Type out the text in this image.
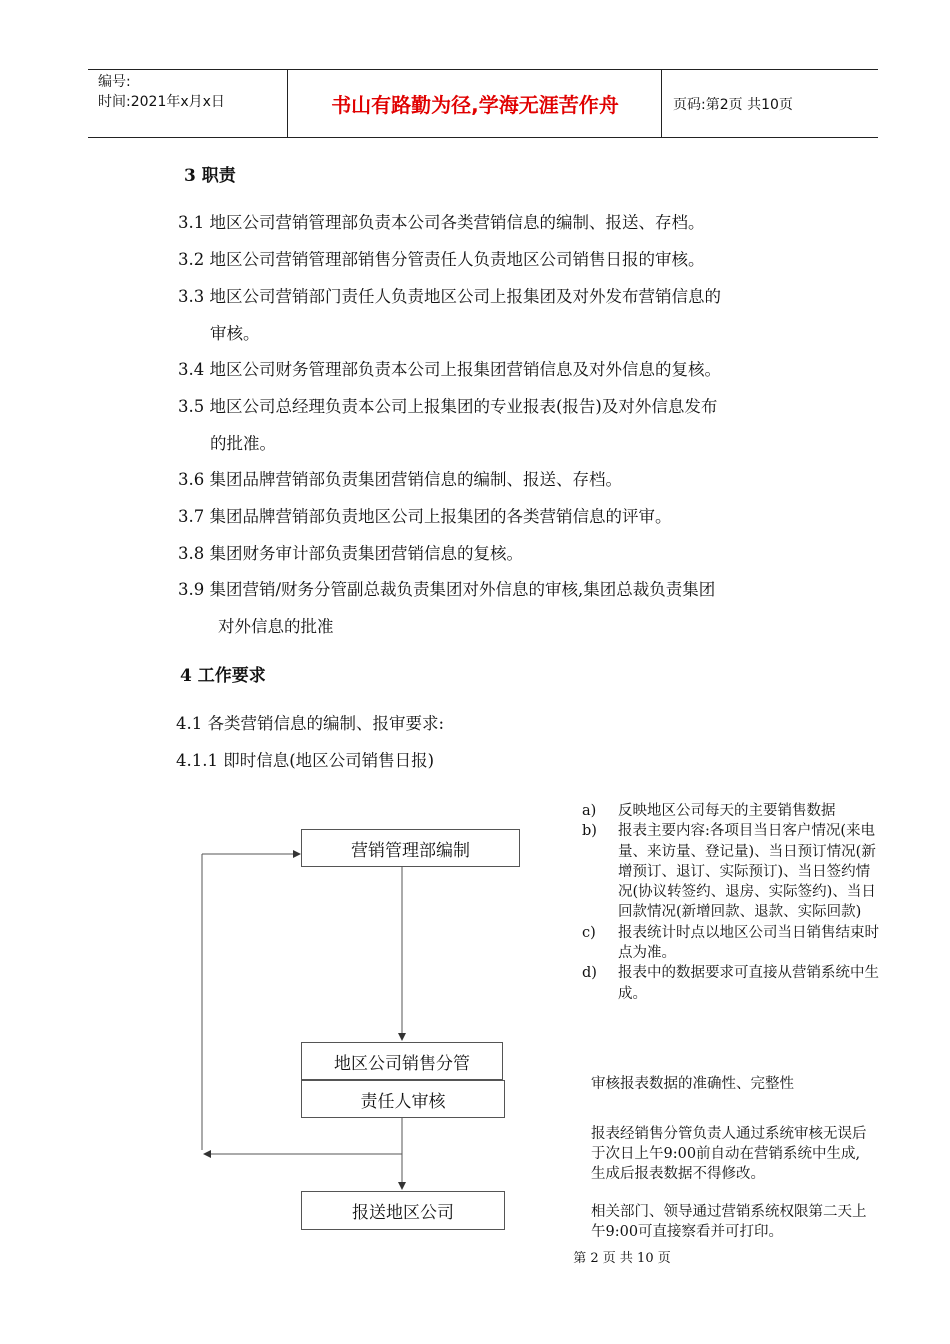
编号:
时间:2021年x月x日	书山有路勤为径,学海无涯苦作舟	页码:第2页 共10页
3 职责
3.1 地区公司营销管理部负责本公司各类营销信息的编制、报送、存档。
3.2 地区公司营销管理部销售分管责任人负责地区公司销售日报的审核。
3.3 地区公司营销部门责任人负责地区公司上报集团及对外发布营销信息的
审核。
3.4 地区公司财务管理部负责本公司上报集团营销信息及对外信息的复核。
3.5 地区公司总经理负责本公司上报集团的专业报表(报告)及对外信息发布
的批准。
3.6 集团品牌营销部负责集团营销信息的编制、报送、存档。
3.7 集团品牌营销部负责地区公司上报集团的各类营销信息的评审。
3.8 集团财务审计部负责集团营销信息的复核。
3.9 集团营销/财务分管副总裁负责集团对外信息的审核,集团总裁负责集团
对外信息的批准
4 工作要求
4.1 各类营销信息的编制、报审要求:
4.1.1 即时信息(地区公司销售日报)
营销管理部编制
地区公司销售分管
责任人审核
报送地区公司
a)	反映地区公司每天的主要销售数据
b)	报表主要内容:各项目当日客户情况(来电量、来访量、登记量)、当日预订情况(新增预订、退订、实际预订)、当日签约情况(协议转签约、退房、实际签约)、当日回款情况(新增回款、退款、实际回款)
c)	报表统计时点以地区公司当日销售结束时点为准。
d)	报表中的数据要求可直接从营销系统中生成。
审核报表数据的准确性、完整性
报表经销售分管负责人通过系统审核无误后于次日上午9:00前自动在营销系统中生成,生成后报表数据不得修改。
相关部门、领导通过营销系统权限第二天上午9:00可直接察看并可打印。
第 2 页 共 10 页
